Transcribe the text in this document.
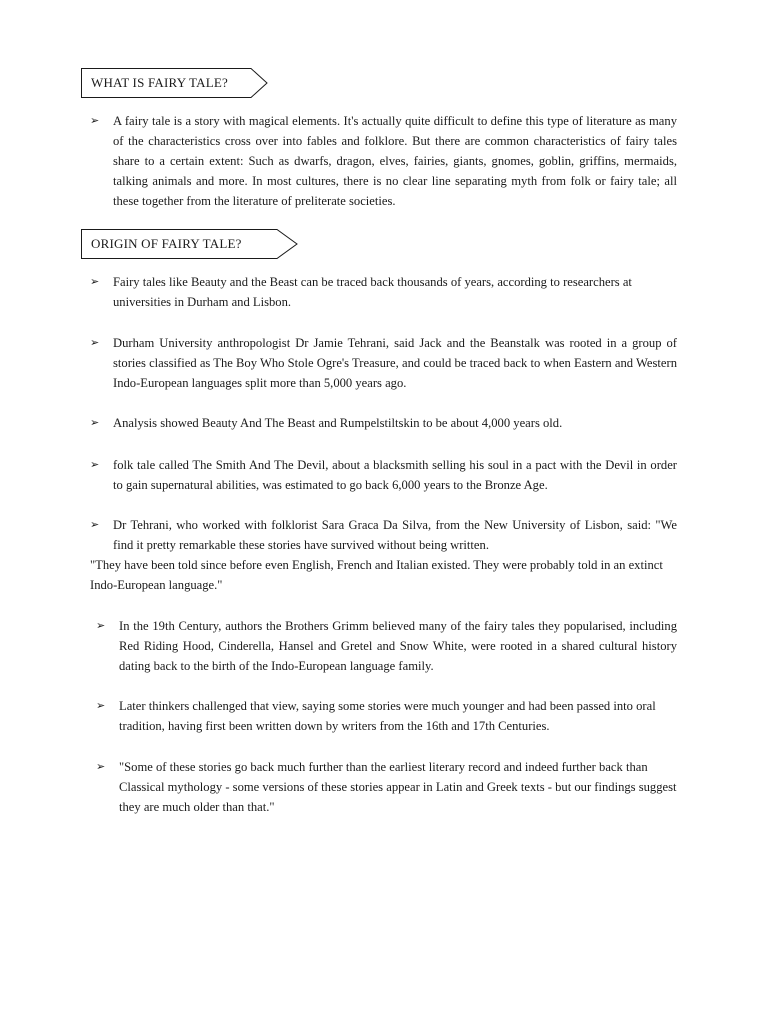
WHAT IS FAIRY TALE?
➢	A fairy tale is a story with magical elements. It's actually quite difficult to define this type of literature as many of the characteristics cross over into fables and folklore. But there are common characteristics of fairy tales share to a certain extent: Such as dwarfs, dragon, elves, fairies, giants, gnomes, goblin, griffins, mermaids, talking animals and more. In most cultures, there is no clear line separating myth from folk or fairy tale; all these together from the literature of preliterate societies.
ORIGIN OF FAIRY TALE?
➢	Fairy tales like Beauty and the Beast can be traced back thousands of years, according to researchers at universities in Durham and Lisbon.
➢	Durham University anthropologist Dr Jamie Tehrani, said Jack and the Beanstalk was rooted in a group of stories classified as The Boy Who Stole Ogre's Treasure, and could be traced back to when Eastern and Western Indo-European languages split more than 5,000 years ago.
➢	Analysis showed Beauty And The Beast and Rumpelstiltskin to be about 4,000 years old.
➢	folk tale called The Smith And The Devil, about a blacksmith selling his soul in a pact with the Devil in order to gain supernatural abilities, was estimated to go back 6,000 years to the Bronze Age.
➢	Dr Tehrani, who worked with folklorist Sara Graca Da Silva, from the New University of Lisbon, said: "We find it pretty remarkable these stories have survived without being written.
"They have been told since before even English, French and Italian existed. They were probably told in an extinct Indo-European language."
➢	In the 19th Century, authors the Brothers Grimm believed many of the fairy tales they popularised, including Red Riding Hood, Cinderella, Hansel and Gretel and Snow White, were rooted in a shared cultural history dating back to the birth of the Indo-European language family.
➢	Later thinkers challenged that view, saying some stories were much younger and had been passed into oral tradition, having first been written down by writers from the 16th and 17th Centuries.
➢	"Some of these stories go back much further than the earliest literary record and indeed further back than Classical mythology - some versions of these stories appear in Latin and Greek texts - but our findings suggest they are much older than that."
